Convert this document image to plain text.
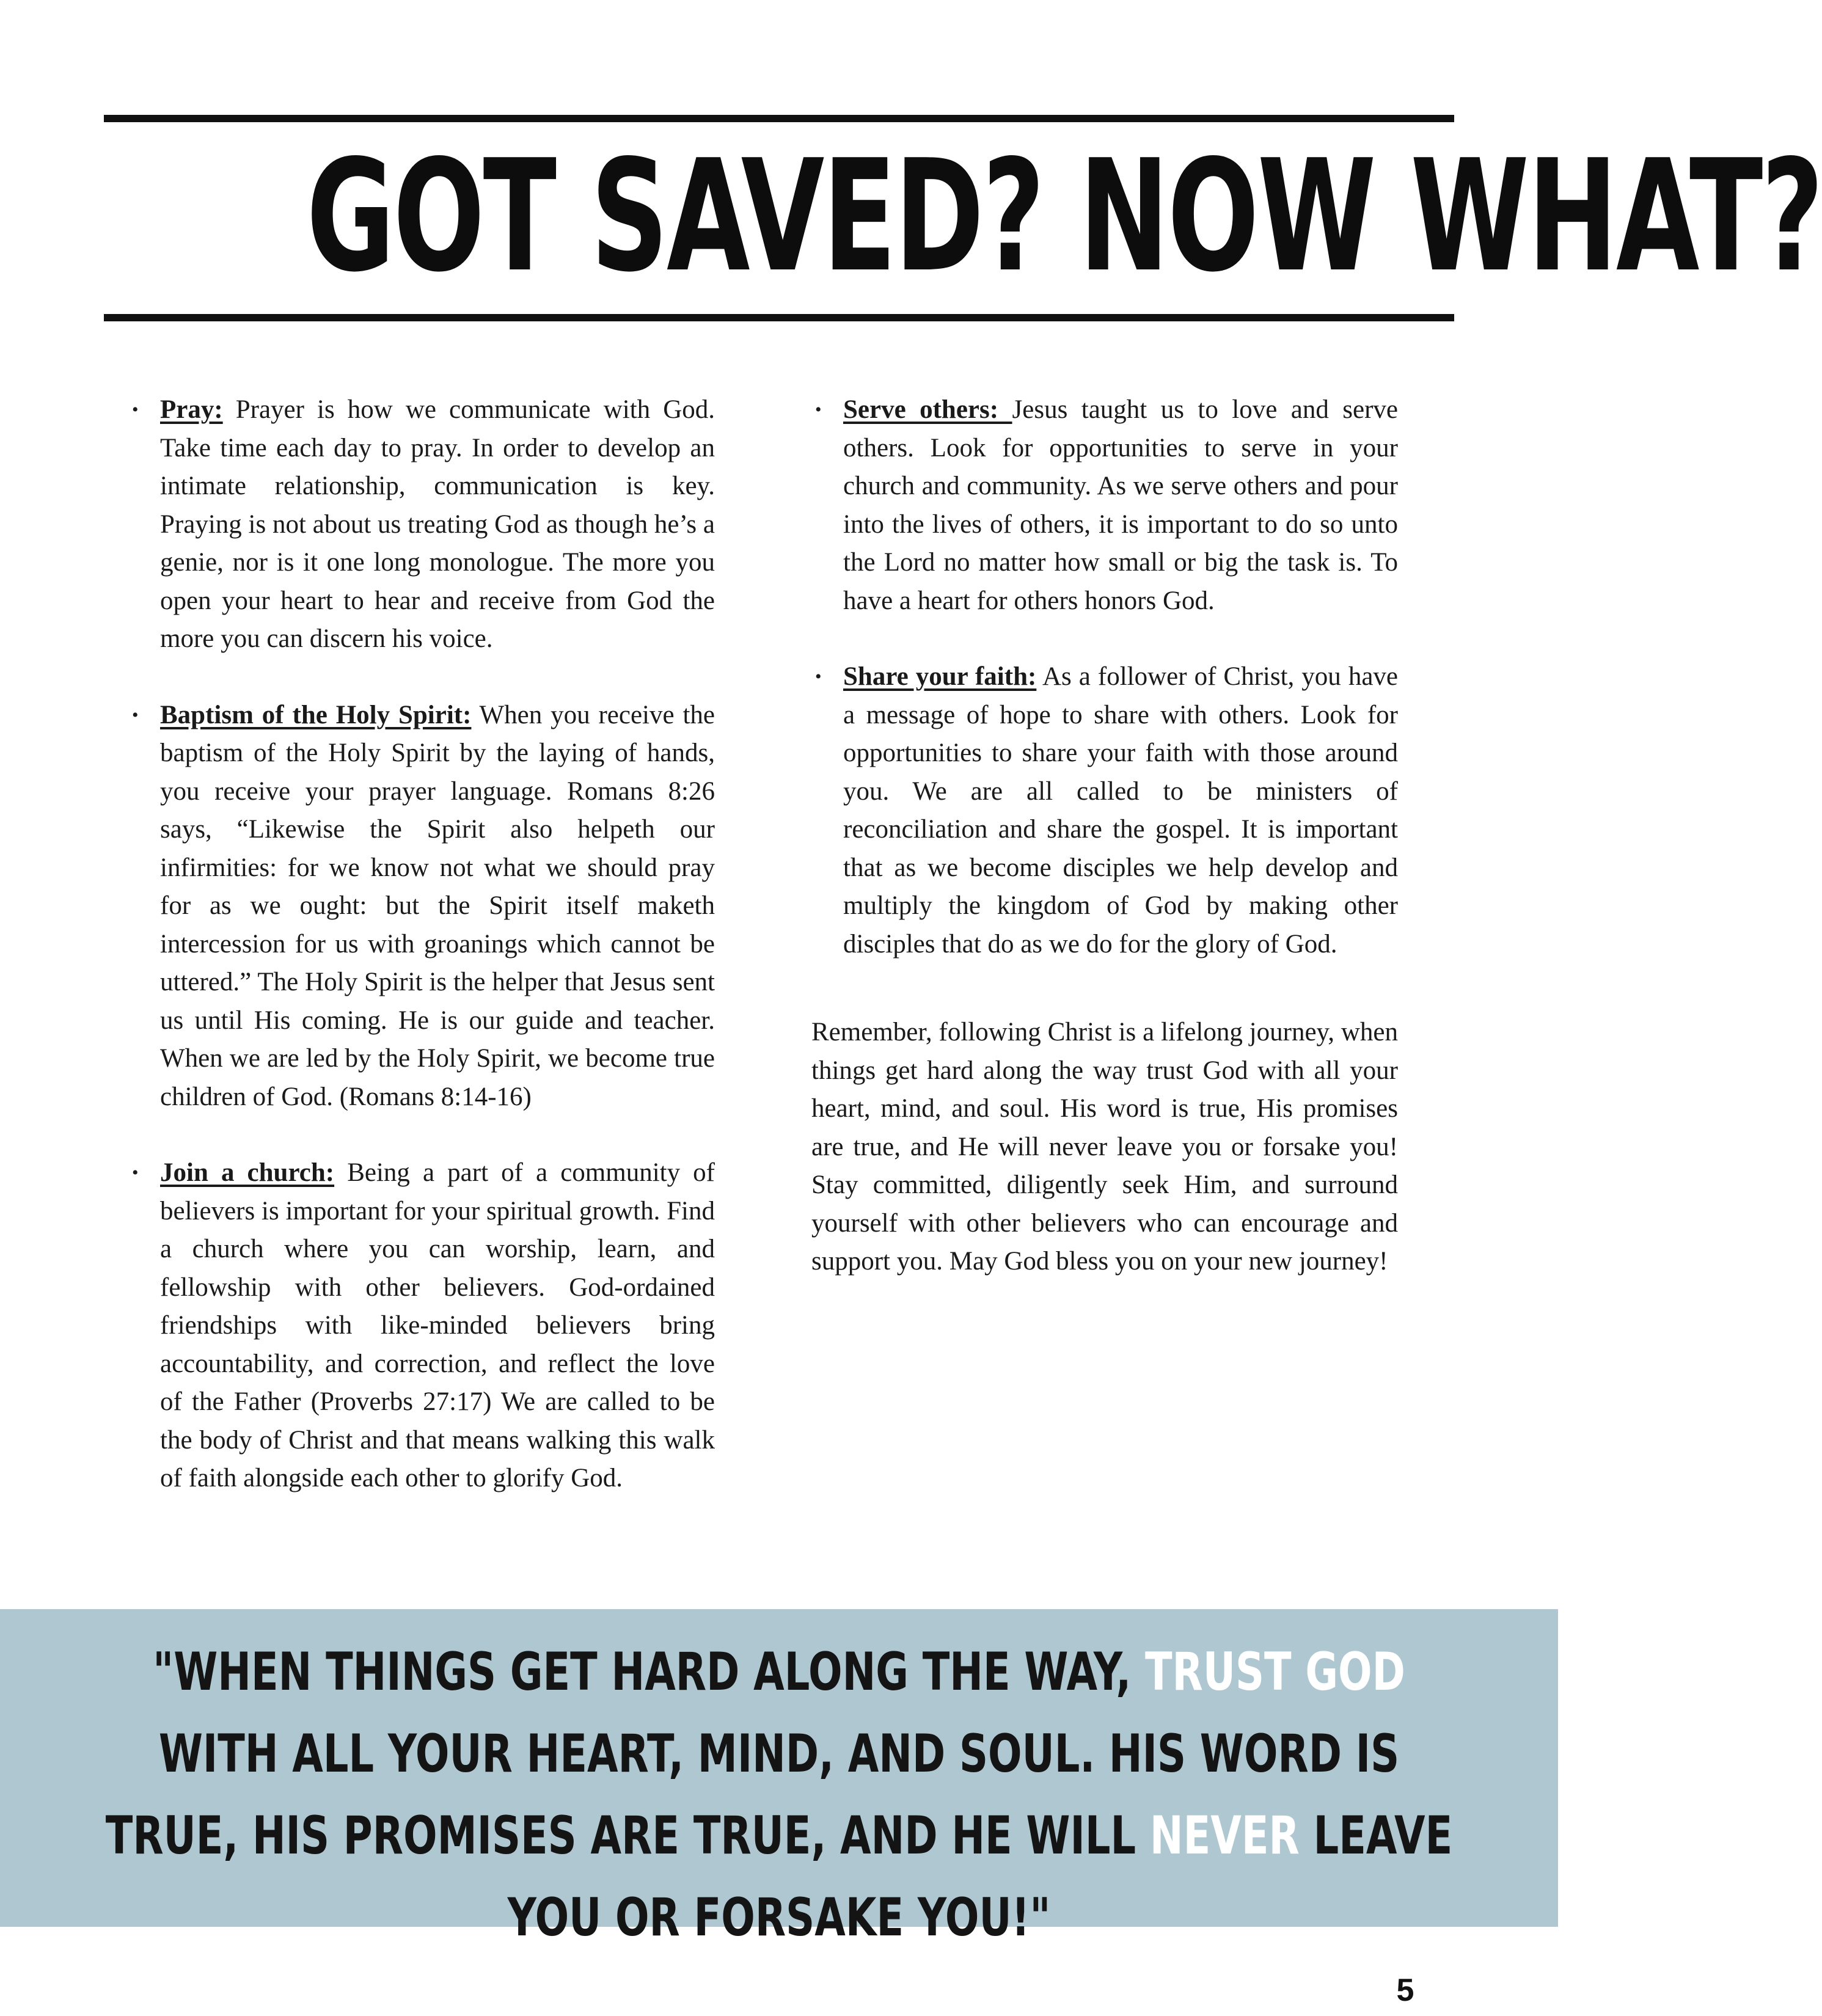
GOT SAVED? NOW WHAT?

• Pray: Prayer is how we communicate with God. Take time each day to pray. In order to develop an intimate relationship, communication is key. Praying is not about us treating God as though he’s a genie, nor is it one long monologue. The more you open your heart to hear and receive from God the more you can discern his voice.

• Baptism of the Holy Spirit: When you receive the baptism of the Holy Spirit by the laying of hands, you receive your prayer language. Romans 8:26 says, “Likewise the Spirit also helpeth our infirmities: for we know not what we should pray for as we ought: but the Spirit itself maketh intercession for us with groanings which cannot be uttered.” The Holy Spirit is the helper that Jesus sent us until His coming. He is our guide and teacher. When we are led by the Holy Spirit, we become true children of God. (Romans 8:14-16)

• Join a church: Being a part of a community of believers is important for your spiritual growth. Find a church where you can worship, learn, and fellowship with other believers. God-ordained friendships with like-minded believers bring accountability, and correction, and reflect the love of the Father (Proverbs 27:17) We are called to be the body of Christ and that means walking this walk of faith alongside each other to glorify God.

• Serve others: Jesus taught us to love and serve others. Look for opportunities to serve in your church and community. As we serve others and pour into the lives of others, it is important to do so unto the Lord no matter how small or big the task is. To have a heart for others honors God.

• Share your faith: As a follower of Christ, you have a message of hope to share with others. Look for opportunities to share your faith with those around you. We are all called to be ministers of reconciliation and share the gospel. It is important that as we become disciples we help develop and multiply the kingdom of God by making other disciples that do as we do for the glory of God.

Remember, following Christ is a lifelong journey, when things get hard along the way trust God with all your heart, mind, and soul. His word is true, His promises are true, and He will never leave you or forsake you! Stay committed, diligently seek Him, and surround yourself with other believers who can encourage and support you. May God bless you on your new journey!

"WHEN THINGS GET HARD ALONG THE WAY, TRUST GOD WITH ALL YOUR HEART, MIND, AND SOUL. HIS WORD IS TRUE, HIS PROMISES ARE TRUE, AND HE WILL NEVER LEAVE YOU OR FORSAKE YOU!"

5
